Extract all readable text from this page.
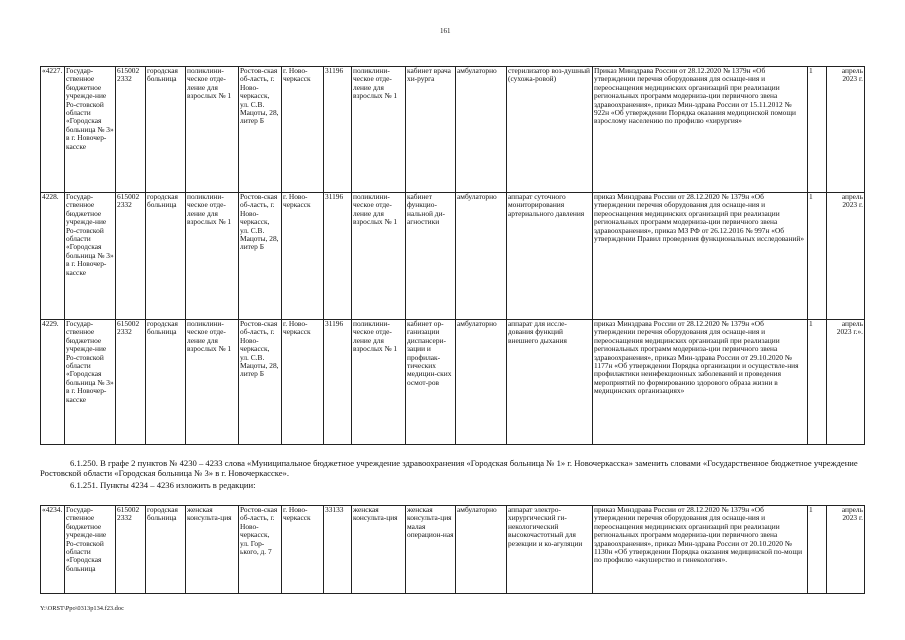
161
«4227.	Государ-ственное бюджетное учрежде-ние Ро-стовской области «Городская больница № 3» в г. Новочер-касске	615002 2332	городская больница	поликлини-ческое отде-ление для взрослых № 1	Ростов-ская об-ласть, г. Ново-черкасск, ул. С.В. Мацоты, 28, литер Б	г. Ново-черкасск	31196	поликлини-ческое отде-ление для взрослых № 1	кабинет врача хи-рурга	амбулаторно	стерилизатор воз-душный (сухожа-ровой)	Приказ Минздрава России от 28.12.2020 № 1379н «Об утверждении перечня оборудования для оснаще-ния и переоснащения медицинских организаций при реализации региональных программ модерниза-ции первичного звена здравоохранения», приказ Мин-здрава России от 15.11.2012 № 922н «Об утверждении Порядка оказания медицинской помощи взрослому населению по профилю «хирургия»	1	апрель 2023 г.
4228.	Государ-ственное бюджетное учрежде-ние Ро-стовской области «Городская больница № 3» в г. Новочер-касске	615002 2332	городская больница	поликлини-ческое отде-ление для взрослых № 1	Ростов-ская об-ласть, г. Ново-черкасск, ул. С.В. Мацоты, 28, литер Б	г. Ново-черкасск	31196	поликлини-ческое отде-ление для взрослых № 1	кабинет функцио-нальной ди-агностики	амбулаторно	аппарат суточного мониторирования артериального давления	приказ Минздрава России от 28.12.2020 № 1379н «Об утверждении перечня оборудования для оснаще-ния и переоснащения медицинских организаций при реализации региональных программ модерниза-ции первичного звена здравоохранения», приказ МЗ РФ от 26.12.2016 № 997н «Об утверждении Правил проведения функциональных исследований»	1	апрель 2023 г.
4229.	Государ-ственное бюджетное учрежде-ние Ро-стовской области «Городская больница № 3» в г. Новочер-касске	615002 2332	городская больница	поликлини-ческое отде-ление для взрослых № 1	Ростов-ская об-ласть, г. Ново-черкасск, ул. С.В. Мацоты, 28, литер Б	г. Ново-черкасск	31196	поликлини-ческое отде-ление для взрослых № 1	кабинет ор-ганизации диспансери-зации и профилак-тических медицин-ских осмот-ров	амбулаторно	аппарат для иссле-дования функций внешнего дыхания	приказ Минздрава России от 28.12.2020 № 1379н «Об утверждении перечня оборудования для оснаще-ния и переоснащения медицинских организаций при реализации региональных программ модерниза-ции первичного звена здравоохранения», приказ Мин-здрава России от 29.10.2020 № 1177н «Об утверждении Порядка организации и осуществле-ния профилактики неинфекционных заболеваний и проведения мероприятий по формированию здорового образа жизни в медицинских организациях»	1	апрель 2023 г.».
6.1.250. В графе 2 пунктов № 4230 – 4233 слова «Муниципальное бюджетное учреждение здравоохранения «Городская больница № 1» г. Новочеркасска» заменить словами «Государственное бюджетное учреждение Ростовской области «Городская больница № 3» в г. Новочеркасске».
6.1.251. Пункты 4234 – 4236 изложить в редакции:
«4234.	Государ-ственное бюджетное учрежде-ние Ро-стовской области «Городская больница	615002 2332	городская больница	женская консульта-ция	Ростов-ская об-ласть, г. Ново-черкасск, ул. Гор-ького, д. 7	г. Ново-черкасск	33133	женская консульта-ция	женская консульта-ция малая операцион-ная	амбулаторно	аппарат электро-хирургический ги-некологический высокочастотный для резекции и ко-агуляции	приказ Минздрава России от 28.12.2020 № 1379н «Об утверждении перечня оборудования для оснаще-ния и переоснащения медицинских организаций при реализации региональных программ модерниза-ции первичного звена здравоохранения», приказ Мин-здрава России от 20.10.2020 № 1130н «Об утверждении Порядка оказания медицинской по-мощи по профилю «акушерство и гинекология».	1	апрель 2023 г.
Y:\ORST\Ppo\0313p134.f23.doc
